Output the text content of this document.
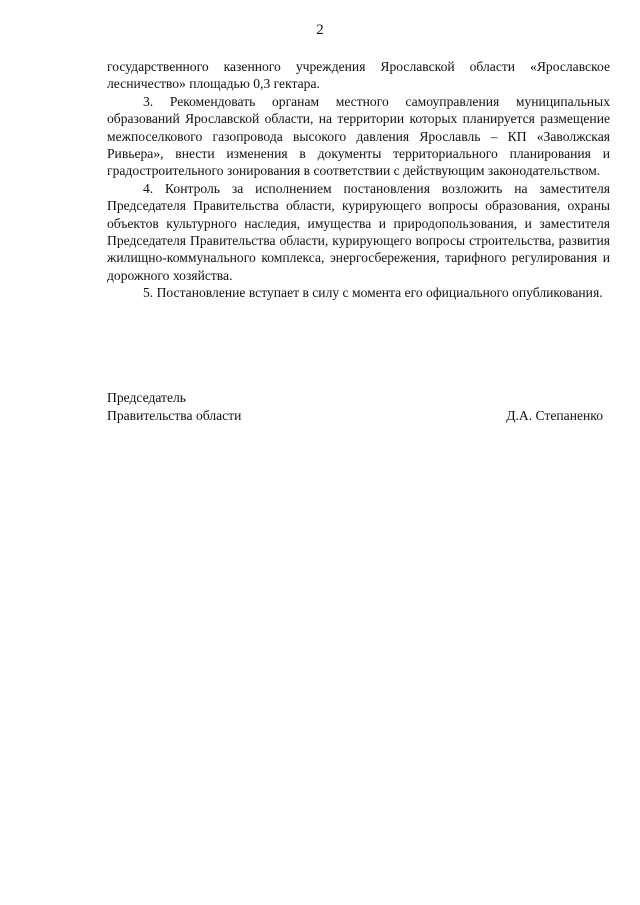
2

государственного казенного учреждения Ярославской области «Ярославское лесничество» площадью 0,3 гектара.

3. Рекомендовать органам местного самоуправления муниципальных образований Ярославской области, на территории которых планируется размещение межпоселкового газопровода высокого давления Ярославль – КП «Заволжская Ривьера», внести изменения в документы территориального планирования и градостроительного зонирования в соответствии с действующим законодательством.

4. Контроль за исполнением постановления возложить на заместителя Председателя Правительства области, курирующего вопросы образования, охраны объектов культурного наследия, имущества и природопользования, и заместителя Председателя Правительства области, курирующего вопросы строительства, развития жилищно-коммунального комплекса, энергосбережения, тарифного регулирования и дорожного хозяйства.

5. Постановление вступает в силу с момента его официального опубликования.

Председатель
Правительства области	Д.А. Степаненко
